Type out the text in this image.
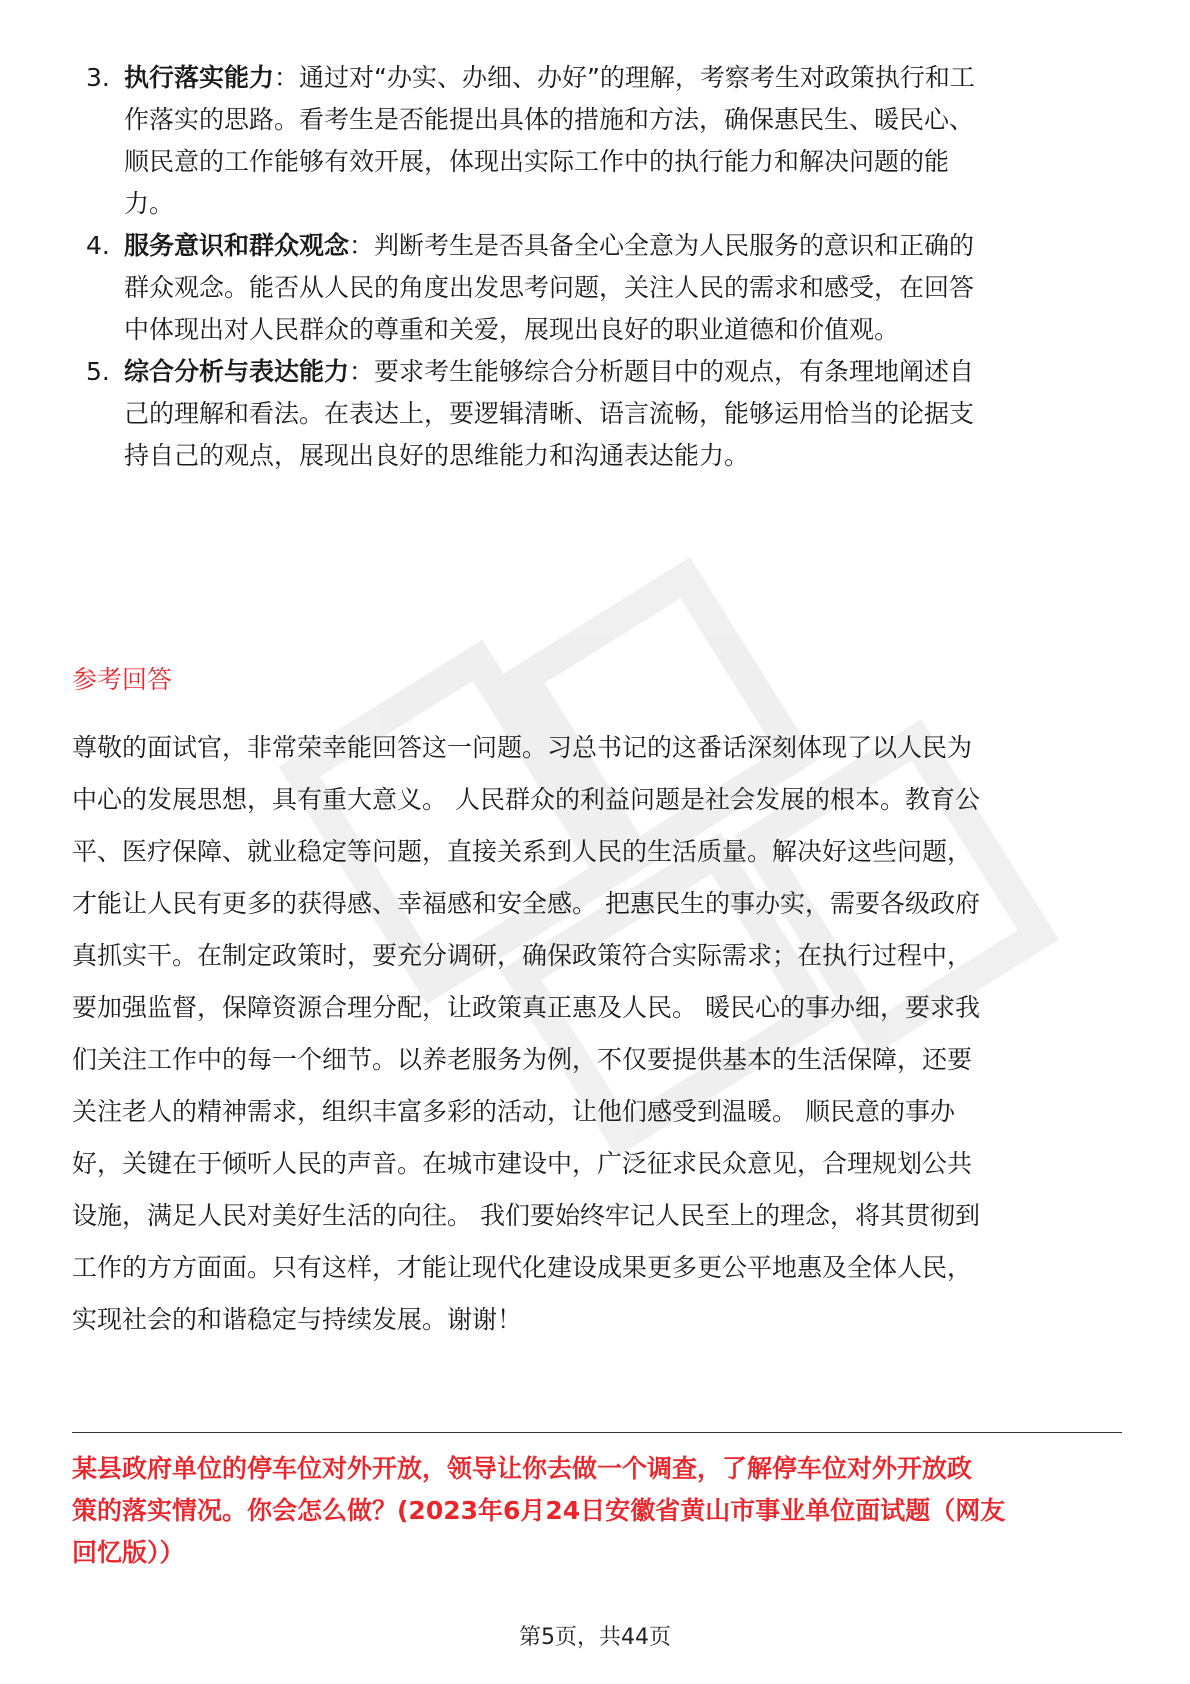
3. 执行落实能力：通过对“办实、办细、办好”的理解，考察考生对政策执行和工
作落实的思路。看考生是否能提出具体的措施和方法，确保惠民生、暖民心、
顺民意的工作能够有效开展，体现出实际工作中的执行能力和解决问题的能
力。
4. 服务意识和群众观念：判断考生是否具备全心全意为人民服务的意识和正确的
群众观念。能否从人民的角度出发思考问题，关注人民的需求和感受，在回答
中体现出对人民群众的尊重和关爱，展现出良好的职业道德和价值观。
5. 综合分析与表达能力：要求考生能够综合分析题目中的观点，有条理地阐述自
己的理解和看法。在表达上，要逻辑清晰、语言流畅，能够运用恰当的论据支
持自己的观点，展现出良好的思维能力和沟通表达能力。
参考回答
尊敬的面试官，非常荣幸能回答这一问题。习总书记的这番话深刻体现了以人民为
中心的发展思想，具有重大意义。 人民群众的利益问题是社会发展的根本。教育公
平、医疗保障、就业稳定等问题，直接关系到人民的生活质量。解决好这些问题，
才能让人民有更多的获得感、幸福感和安全感。 把惠民生的事办实，需要各级政府
真抓实干。在制定政策时，要充分调研，确保政策符合实际需求；在执行过程中，
要加强监督，保障资源合理分配，让政策真正惠及人民。 暖民心的事办细，要求我
们关注工作中的每一个细节。以养老服务为例，不仅要提供基本的生活保障，还要
关注老人的精神需求，组织丰富多彩的活动，让他们感受到温暖。 顺民意的事办
好，关键在于倾听人民的声音。在城市建设中，广泛征求民众意见，合理规划公共
设施，满足人民对美好生活的向往。 我们要始终牢记人民至上的理念，将其贯彻到
工作的方方面面。只有这样，才能让现代化建设成果更多更公平地惠及全体人民，
实现社会的和谐稳定与持续发展。谢谢！
某县政府单位的停车位对外开放，领导让你去做一个调查，了解停车位对外开放政
策的落实情况。你会怎么做？(2023年6月24日安徽省黄山市事业单位面试题（网友
回忆版））
第5页，共44页
